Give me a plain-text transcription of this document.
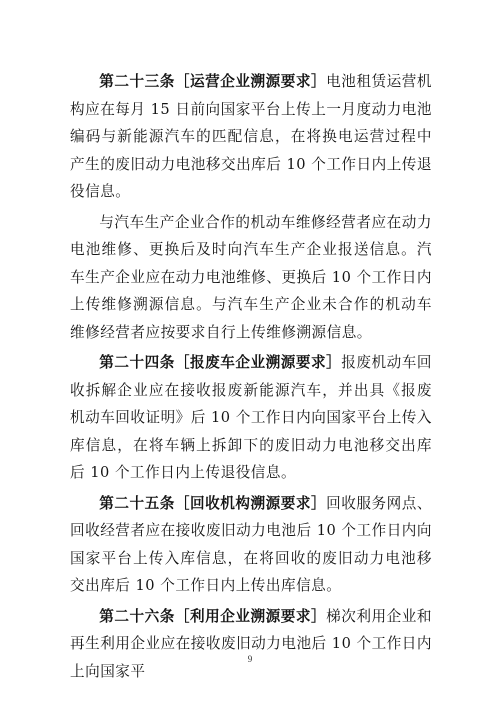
第二十三条［运营企业溯源要求］电池租赁运营机构应在每月 15 日前向国家平台上传上一月度动力电池编码与新能源汽车的匹配信息，在将换电运营过程中产生的废旧动力电池移交出库后 10 个工作日内上传退役信息。

与汽车生产企业合作的机动车维修经营者应在动力电池维修、更换后及时向汽车生产企业报送信息。汽车生产企业应在动力电池维修、更换后 10 个工作日内上传维修溯源信息。与汽车生产企业未合作的机动车维修经营者应按要求自行上传维修溯源信息。

第二十四条［报废车企业溯源要求］报废机动车回收拆解企业应在接收报废新能源汽车，并出具《报废机动车回收证明》后 10 个工作日内向国家平台上传入库信息，在将车辆上拆卸下的废旧动力电池移交出库后 10 个工作日内上传退役信息。

第二十五条［回收机构溯源要求］回收服务网点、回收经营者应在接收废旧动力电池后 10 个工作日内向国家平台上传入库信息，在将回收的废旧动力电池移交出库后 10 个工作日内上传出库信息。

第二十六条［利用企业溯源要求］梯次利用企业和再生利用企业应在接收废旧动力电池后 10 个工作日内上向国家平

9
